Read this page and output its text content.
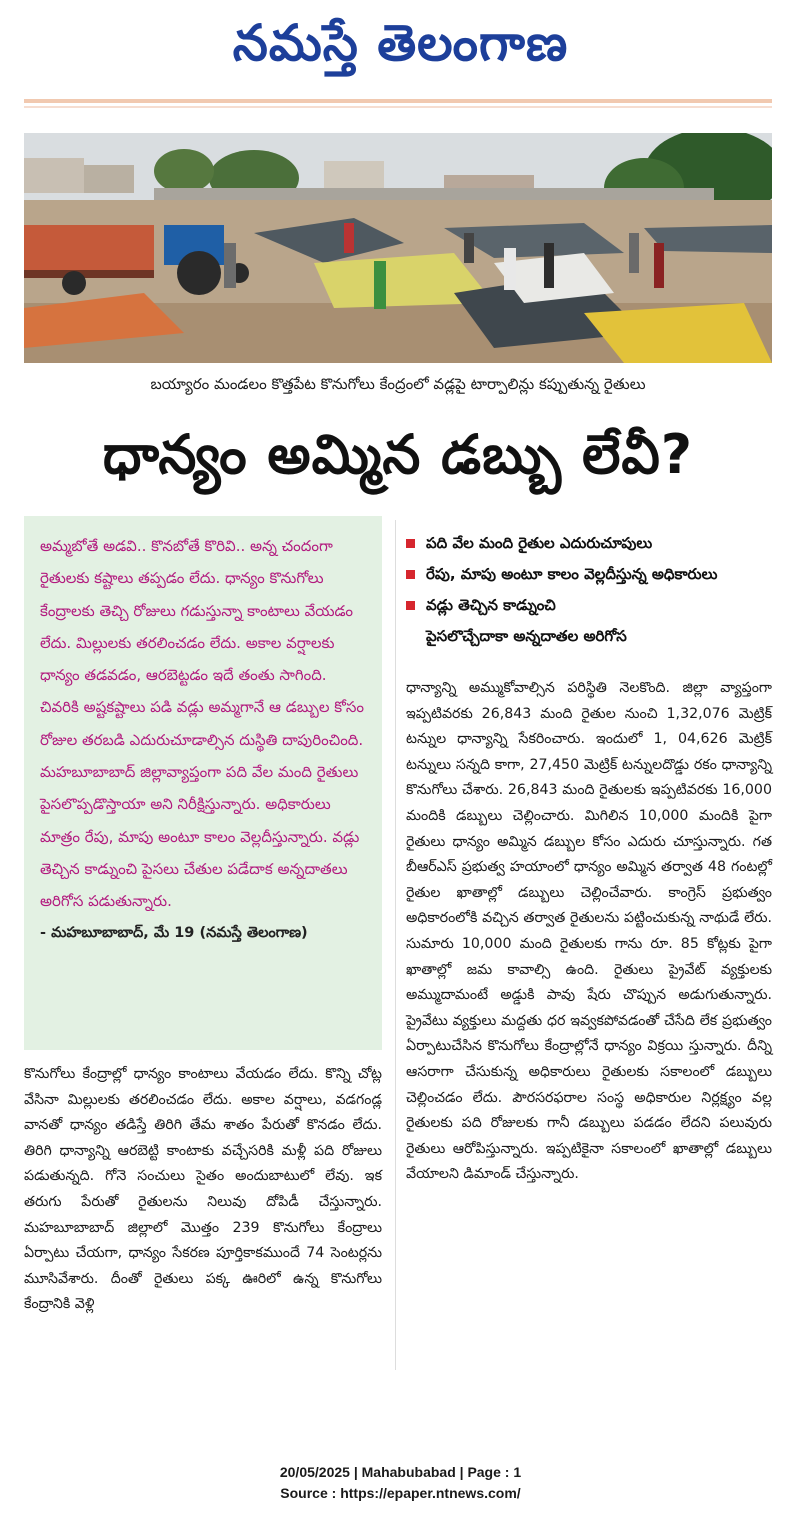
నమస్తే తెలంగాణ
బయ్యారం మండలం కొత్తపేట కొనుగోలు కేంద్రంలో వడ్లపై టార్పాలిన్లు కప్పుతున్న రైతులు
ధాన్యం అమ్మిన డబ్బు లేవీ?

అమ్మబోతే అడవి.. కొనబోతే కొరివి.. అన్న చందంగా రైతులకు కష్టాలు తప్పడం లేదు. ధాన్యం కొనుగోలు కేంద్రాలకు తెచ్చి రోజులు గడుస్తున్నా కాంటాలు వేయడం లేదు. మిల్లులకు తరలించడం లేదు. అకాల వర్షాలకు ధాన్యం తడవడం, ఆరబెట్టడం ఇదే తంతు సాగింది. చివరికి అష్టకష్టాలు పడి వడ్లు అమ్మగానే ఆ డబ్బుల కోసం రోజుల తరబడి ఎదురుచూడాల్సిన దుస్థితి దాపురించింది. మహబూబాబాద్ జిల్లావ్యాప్తంగా పది వేల మంది రైతులు పైసలొప్పడొస్తాయా అని నిరీక్షిస్తున్నారు. అధికారులు మాత్రం రేపు, మాపు అంటూ కాలం వెల్లదీస్తున్నారు. వడ్లు తెచ్చిన కాడ్నుంచి పైసలు చేతుల పడేదాక అన్నదాతలు అరిగోస పడుతున్నారు.

- మహబూబాబాద్, మే 19 (నమస్తే తెలంగాణ)
పది వేల మంది రైతుల ఎదురుచూపులు
రేపు, మాపు అంటూ కాలం వెల్లదీస్తున్న అధికారులు
వడ్లు తెచ్చిన కాడ్నుంచి
పైసలొచ్చేదాకా అన్నదాతల అరిగోస

కొనుగోలు కేంద్రాల్లో ధాన్యం కాంటాలు వేయడం లేదు. కొన్ని చోట్ల వేసినా మిల్లులకు తరలించడం లేదు. అకాల వర్షాలు, వడగండ్ల వానతో ధాన్యం తడిస్తే తిరిగి తేమ శాతం పేరుతో కొనడం లేదు. తిరిగి ధాన్యాన్ని ఆరబెట్టి కాంటాకు వచ్చేసరికి మళ్లీ పది రోజులు పడుతున్నది. గోనె సంచులు సైతం అందుబాటులో లేవు. ఇక తరుగు పేరుతో రైతులను నిలువు దోపిడీ చేస్తున్నారు. మహబూబాబాద్ జిల్లాలో మొత్తం 239 కొనుగోలు కేంద్రాలు ఏర్పాటు చేయగా, ధాన్యం సేకరణ పూర్తికాకముందే 74 సెంటర్లను మూసివేశారు. దీంతో రైతులు పక్క ఊరిలో ఉన్న కొనుగోలు కేంద్రానికి వెళ్లి

ధాన్యాన్ని అమ్ముకోవాల్సిన పరిస్థితి నెలకొంది. జిల్లా వ్యాప్తంగా ఇప్పటివరకు 26,843 మంది రైతుల నుంచి 1,32,076 మెట్రిక్ టన్నుల ధాన్యాన్ని సేకరించారు. ఇందులో 1, 04,626 మెట్రిక్ టన్నులు సన్నది కాగా, 27,450 మెట్రిక్ టన్నులదొడ్డు రకం ధాన్యాన్ని కొనుగోలు చేశారు. 26,843 మంది రైతులకు ఇప్పటివరకు 16,000 మందికి డబ్బులు చెల్లించారు. మిగిలిన 10,000 మందికి పైగా రైతులు ధాన్యం అమ్మిన డబ్బుల కోసం ఎదురు చూస్తున్నారు. గత బీఆర్ఎస్ ప్రభుత్వ హయాంలో ధాన్యం అమ్మిన తర్వాత 48 గంటల్లో రైతుల ఖాతాల్లో డబ్బులు చెల్లించేవారు. కాంగ్రెస్ ప్రభుత్వం అధికారంలోకి వచ్చిన తర్వాత రైతులను పట్టించుకున్న నాథుడే లేరు. సుమారు 10,000 మంది రైతులకు గాను రూ. 85 కోట్లకు పైగా ఖాతాల్లో జమ కావాల్సి ఉంది. రైతులు ప్రైవేట్ వ్యక్తులకు అమ్ముదామంటే అడ్డుకి పావు షేరు చొప్పున అడుగుతున్నారు. ప్రైవేటు వ్యక్తులు మద్దతు ధర ఇవ్వకపోవడంతో చేసేది లేక ప్రభుత్వం ఏర్పాటుచేసిన కొనుగోలు కేంద్రాల్లోనే ధాన్యం విక్రయి స్తున్నారు. దీన్ని ఆసరాగా చేసుకున్న అధికారులు రైతులకు సకాలంలో డబ్బులు చెల్లించడం లేదు. పౌరసరఫరాల సంస్థ అధికారుల నిర్లక్ష్యం వల్ల రైతులకు పది రోజులకు గానీ డబ్బులు పడడం లేదని పలువురు రైతులు ఆరోపిస్తున్నారు. ఇప్పటికైనా సకాలంలో ఖాతాల్లో డబ్బులు వేయాలని డిమాండ్ చేస్తున్నారు.

20/05/2025 | Mahabubabad | Page : 1
Source : https://epaper.ntnews.com/
